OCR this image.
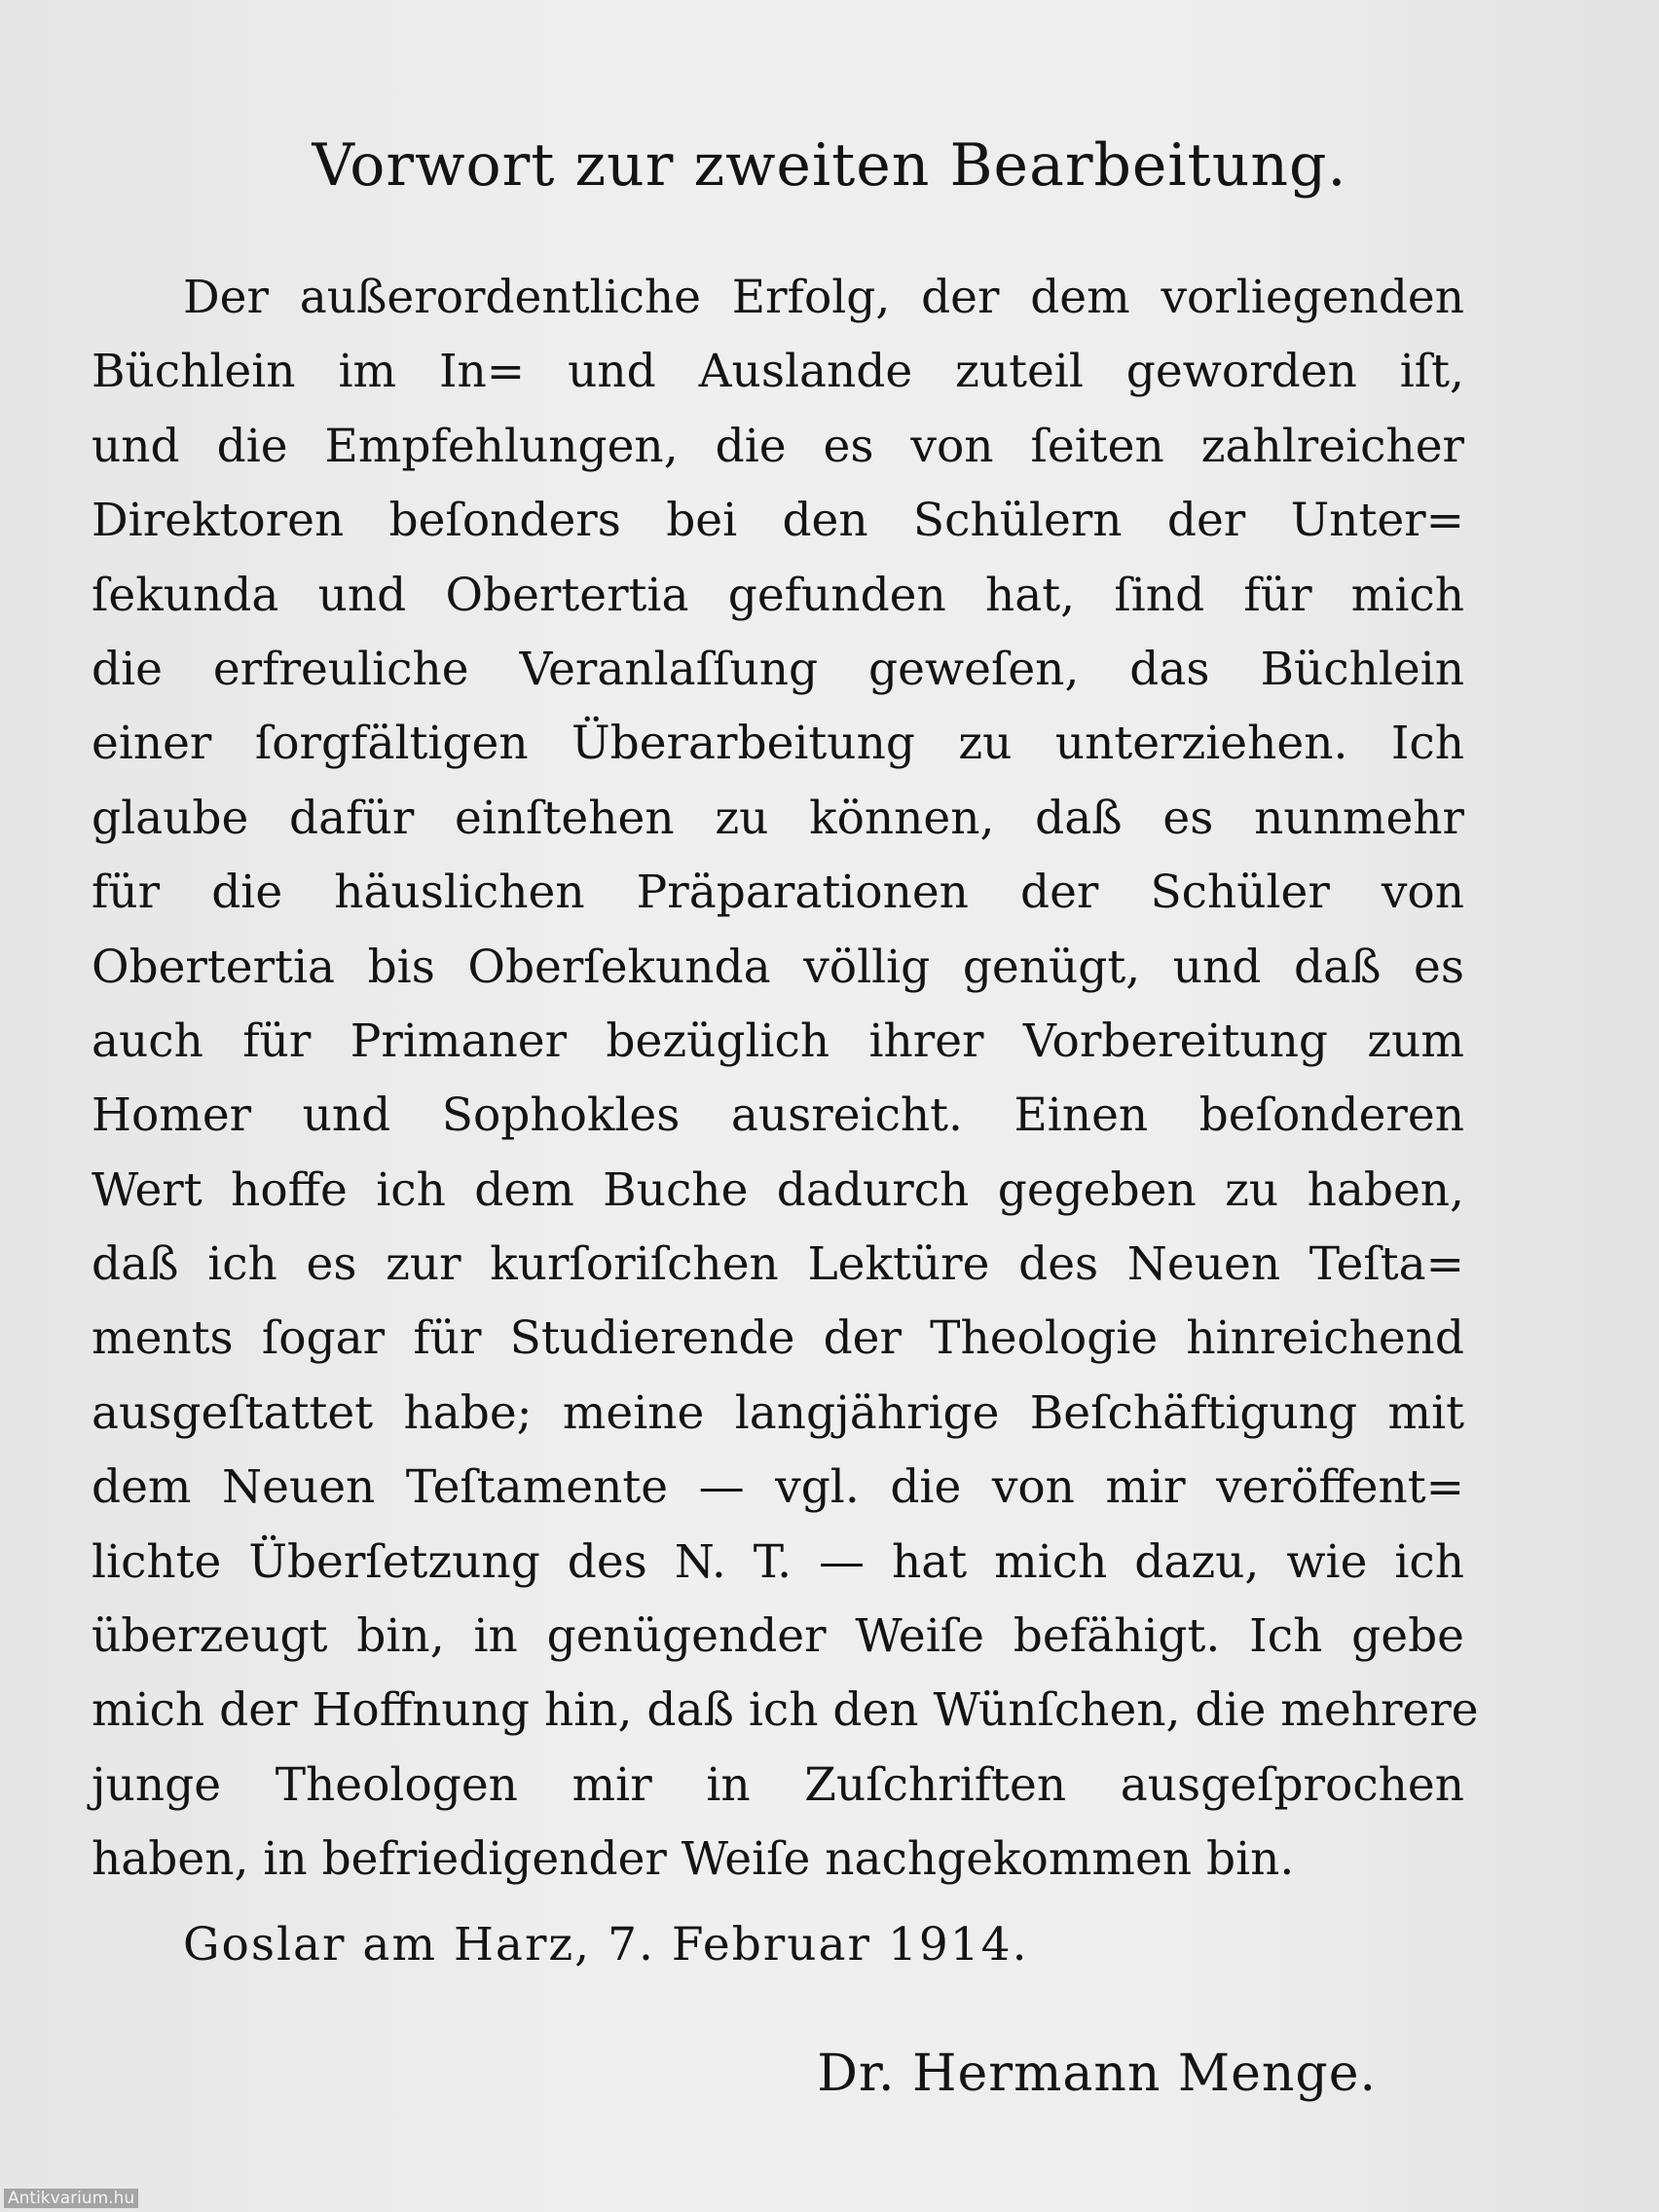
Vorwort zur zweiten Bearbeitung.
Der außerordentliche Erfolg, der dem vorliegenden
Büchlein im In= und Auslande zuteil geworden iſt,
und die Empfehlungen, die es von ſeiten zahlreicher
Direktoren beſonders bei den Schülern der Unter=
ſekunda und Obertertia gefunden hat, ſind für mich
die erfreuliche Veranlaſſung geweſen, das Büchlein
einer ſorgfältigen Überarbeitung zu unterziehen. Ich
glaube dafür einſtehen zu können, daß es nunmehr
für die häuslichen Präparationen der Schüler von
Obertertia bis Oberſekunda völlig genügt, und daß es
auch für Primaner bezüglich ihrer Vorbereitung zum
Homer und Sophokles ausreicht. Einen beſonderen
Wert hoffe ich dem Buche dadurch gegeben zu haben,
daß ich es zur kurſoriſchen Lektüre des Neuen Teſta=
ments ſogar für Studierende der Theologie hinreichend
ausgeſtattet habe; meine langjährige Beſchäftigung mit
dem Neuen Teſtamente — vgl. die von mir veröffent=
lichte Überſetzung des N. T. — hat mich dazu, wie ich
überzeugt bin, in genügender Weiſe befähigt. Ich gebe
mich der Hoffnung hin, daß ich den Wünſchen, die mehrere
junge Theologen mir in Zuſchriften ausgeſprochen
haben, in befriedigender Weiſe nachgekommen bin.
Goslar am Harz, 7. Februar 1914.
Dr. Hermann Menge.
Antikvarium.hu
